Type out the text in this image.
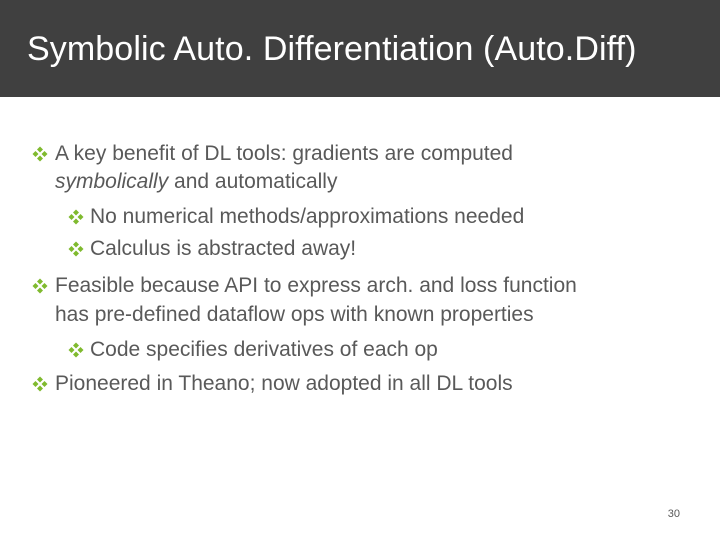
Symbolic Auto. Differentiation (Auto.Diff)
A key benefit of DL tools: gradients are computed
symbolically and automatically
No numerical methods/approximations needed
Calculus is abstracted away!
Feasible because API to express arch. and loss function
has pre-defined dataflow ops with known properties
Code specifies derivatives of each op
Pioneered in Theano; now adopted in all DL tools
30
